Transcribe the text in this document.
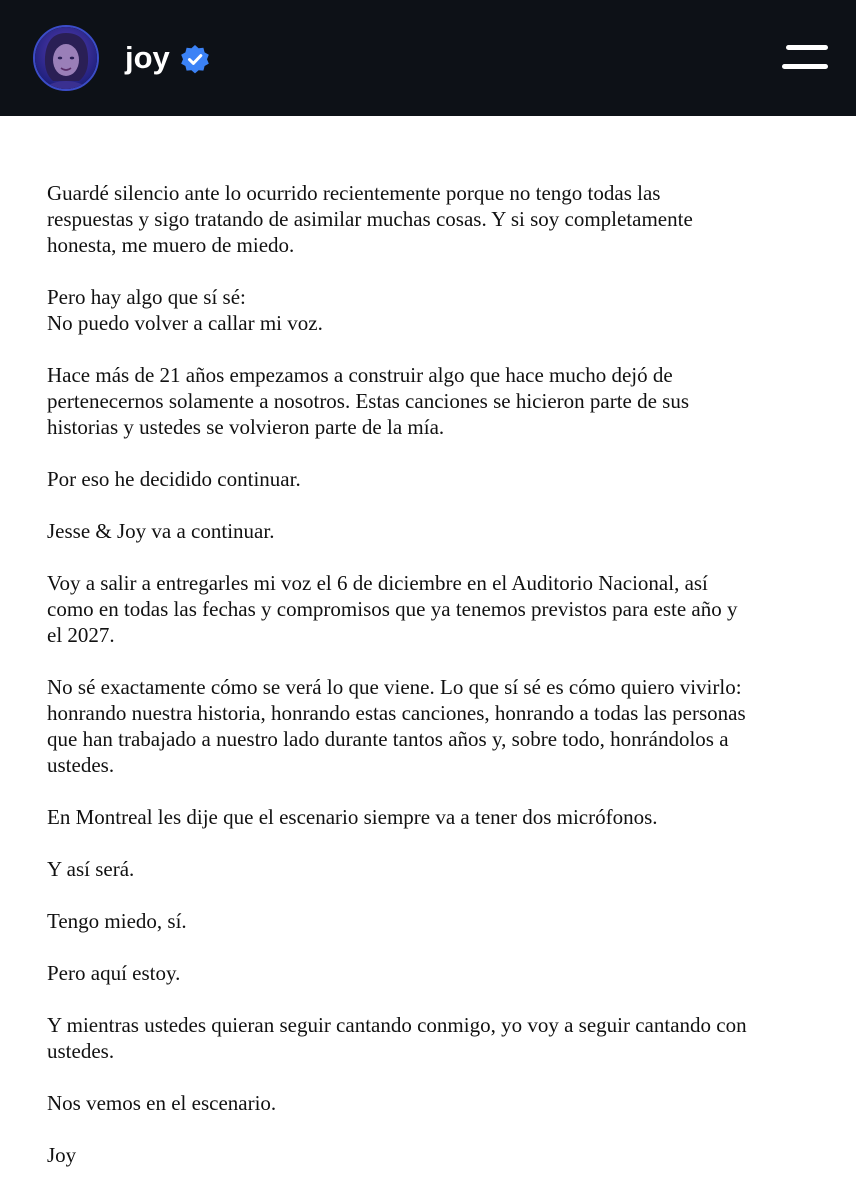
joy

Guardé silencio ante lo ocurrido recientemente porque no tengo todas las
respuestas y sigo tratando de asimilar muchas cosas. Y si soy completamente
honesta, me muero de miedo.

Pero hay algo que sí sé:
No puedo volver a callar mi voz.

Hace más de 21 años empezamos a construir algo que hace mucho dejó de
pertenecernos solamente a nosotros. Estas canciones se hicieron parte de sus
historias y ustedes se volvieron parte de la mía.

Por eso he decidido continuar.

Jesse & Joy va a continuar.

Voy a salir a entregarles mi voz el 6 de diciembre en el Auditorio Nacional, así
como en todas las fechas y compromisos que ya tenemos previstos para este año y
el 2027.

No sé exactamente cómo se verá lo que viene. Lo que sí sé es cómo quiero vivirlo:
honrando nuestra historia, honrando estas canciones, honrando a todas las personas
que han trabajado a nuestro lado durante tantos años y, sobre todo, honrándolos a
ustedes.

En Montreal les dije que el escenario siempre va a tener dos micrófonos.

Y así será.

Tengo miedo, sí.

Pero aquí estoy.

Y mientras ustedes quieran seguir cantando conmigo, yo voy a seguir cantando con
ustedes.

Nos vemos en el escenario.

Joy
